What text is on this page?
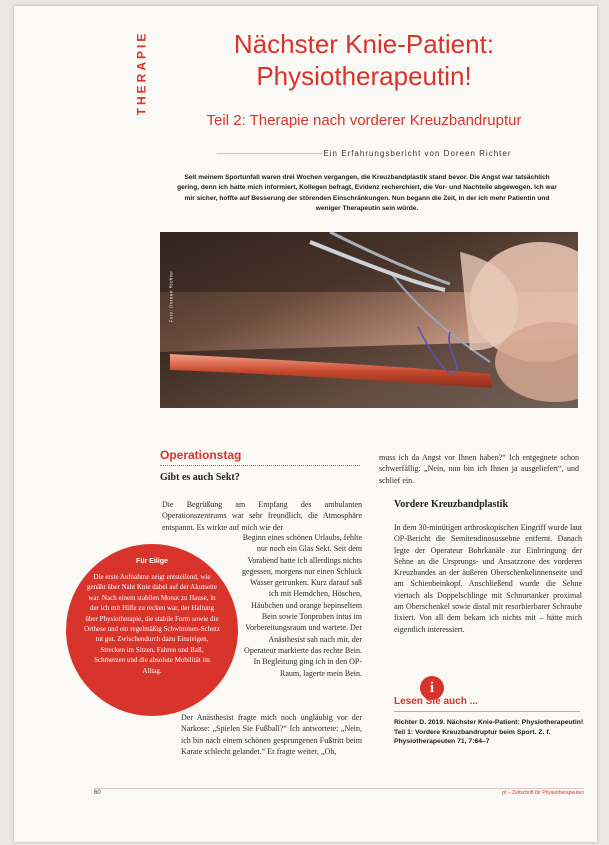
THERAPIE	Nächster Knie-Patient:
Physiotherapeutin!
Teil 2: Therapie nach vorderer Kreuzbandruptur
— — — — — — — — — — — — — Ein Erfahrungsbericht von Doreen Richter

Seit meinem Sportunfall waren drei Wochen vergangen, die Kreuzbandplastik stand bevor. Die Angst war tatsächlich gering, denn ich hatte mich informiert, Kollegen befragt, Evidenz recherchiert, die Vor- und Nachteile abgewogen. Ich war mir sicher, hoffte auf Besserung der störenden Einschränkungen. Nun begann die Zeit, in der ich mehr Patientin und weniger Therapeutin sein würde.

Foto: Doreen Richter
Operationstag
Gibt es auch Sekt?

Die Begrüßung am Empfang des ambulanten Operationszentrums war sehr freundlich, die Atmosphäre entspannt. Es wirkte auf mich wie der

Beginn eines schönen Urlaubs, fehlte nur noch ein Glas Sekt. Seit dem Vorabend hatte ich allerdings nichts gegessen, morgens nur einen Schluck Wasser getrunken. Kurz darauf saß ich mit Hemdchen, Höschen, Häubchen und orange bepinseltem Bein sowie Tonproben intus im Vorbereitungsraum und wartete. Der Anästhesist sah nach mir, der Operateur markierte das rechte Bein. In Begleitung ging ich in den OP-Raum, lagerte mein Bein.

Der Anästhesist fragte mich noch ungläubig vor der Narkose: „Spielen Sie Fußball?“ Ich antwortete: „Nein, ich bin nach einem schönen gesprungenen Fußtritt beim Karate schlecht gelandet.“ Er fragte weiter, „Oh,

muss ich da Angst vor Ihnen haben?“ Ich entgegnete schon schwerfällig: „Nein, nun bin ich Ihnen ja ausgeliefert“, und schlief ein.

Vordere Kreuzbandplastik

In dem 30-minütigen arthroskopischen Eingriff wurde laut OP-Bericht die Semitendinosussehne entfernt. Danach legte der Operateur Bohrkanäle zur Einbringung der Sehne an die Ursprungs- und Ansatzzone des vorderen Kreuzbandes an der äußeren Oberschenkelinnenseite und am Schienbeinkopf. Anschließend wurde die Sehne viertach als Doppelschlinge mit Schnurtanker proximal am Oberschenkel sowie distal mit resorbierbarer Schraube fixiert. Von all dem bekam ich nichts mit – hätte mich eigentlich interessiert.

i
Lesen Sie auch ...
Richter D. 2019. Nächster Knie-Patient: Physiotherapeutin! Teil 1: Vordere Kreuzbandruptur beim Sport. Z. f. Physiotherapeuten 71, 7:64–7
Für Eilige
Die erste Aufnahme zeigt entstellend, wie genäht über Naht Knie dabei auf der Akutseite war. Nach einem stabilen Monat zu Hause, in der ich mit Hilfe zu recken war, der Haltung über Physiotherapie, die stabile Form sowie die Orthese und ein regelmäßig Schwimmen-Schutz tut gut. Zwischendurch dazu Einsteigen, Strecken im Sitzen, Fahren und Ball, Schmerzen und die absolute Mobilität im Alltag.
60	pt – Zeitschrift für Physiotherapeuten
